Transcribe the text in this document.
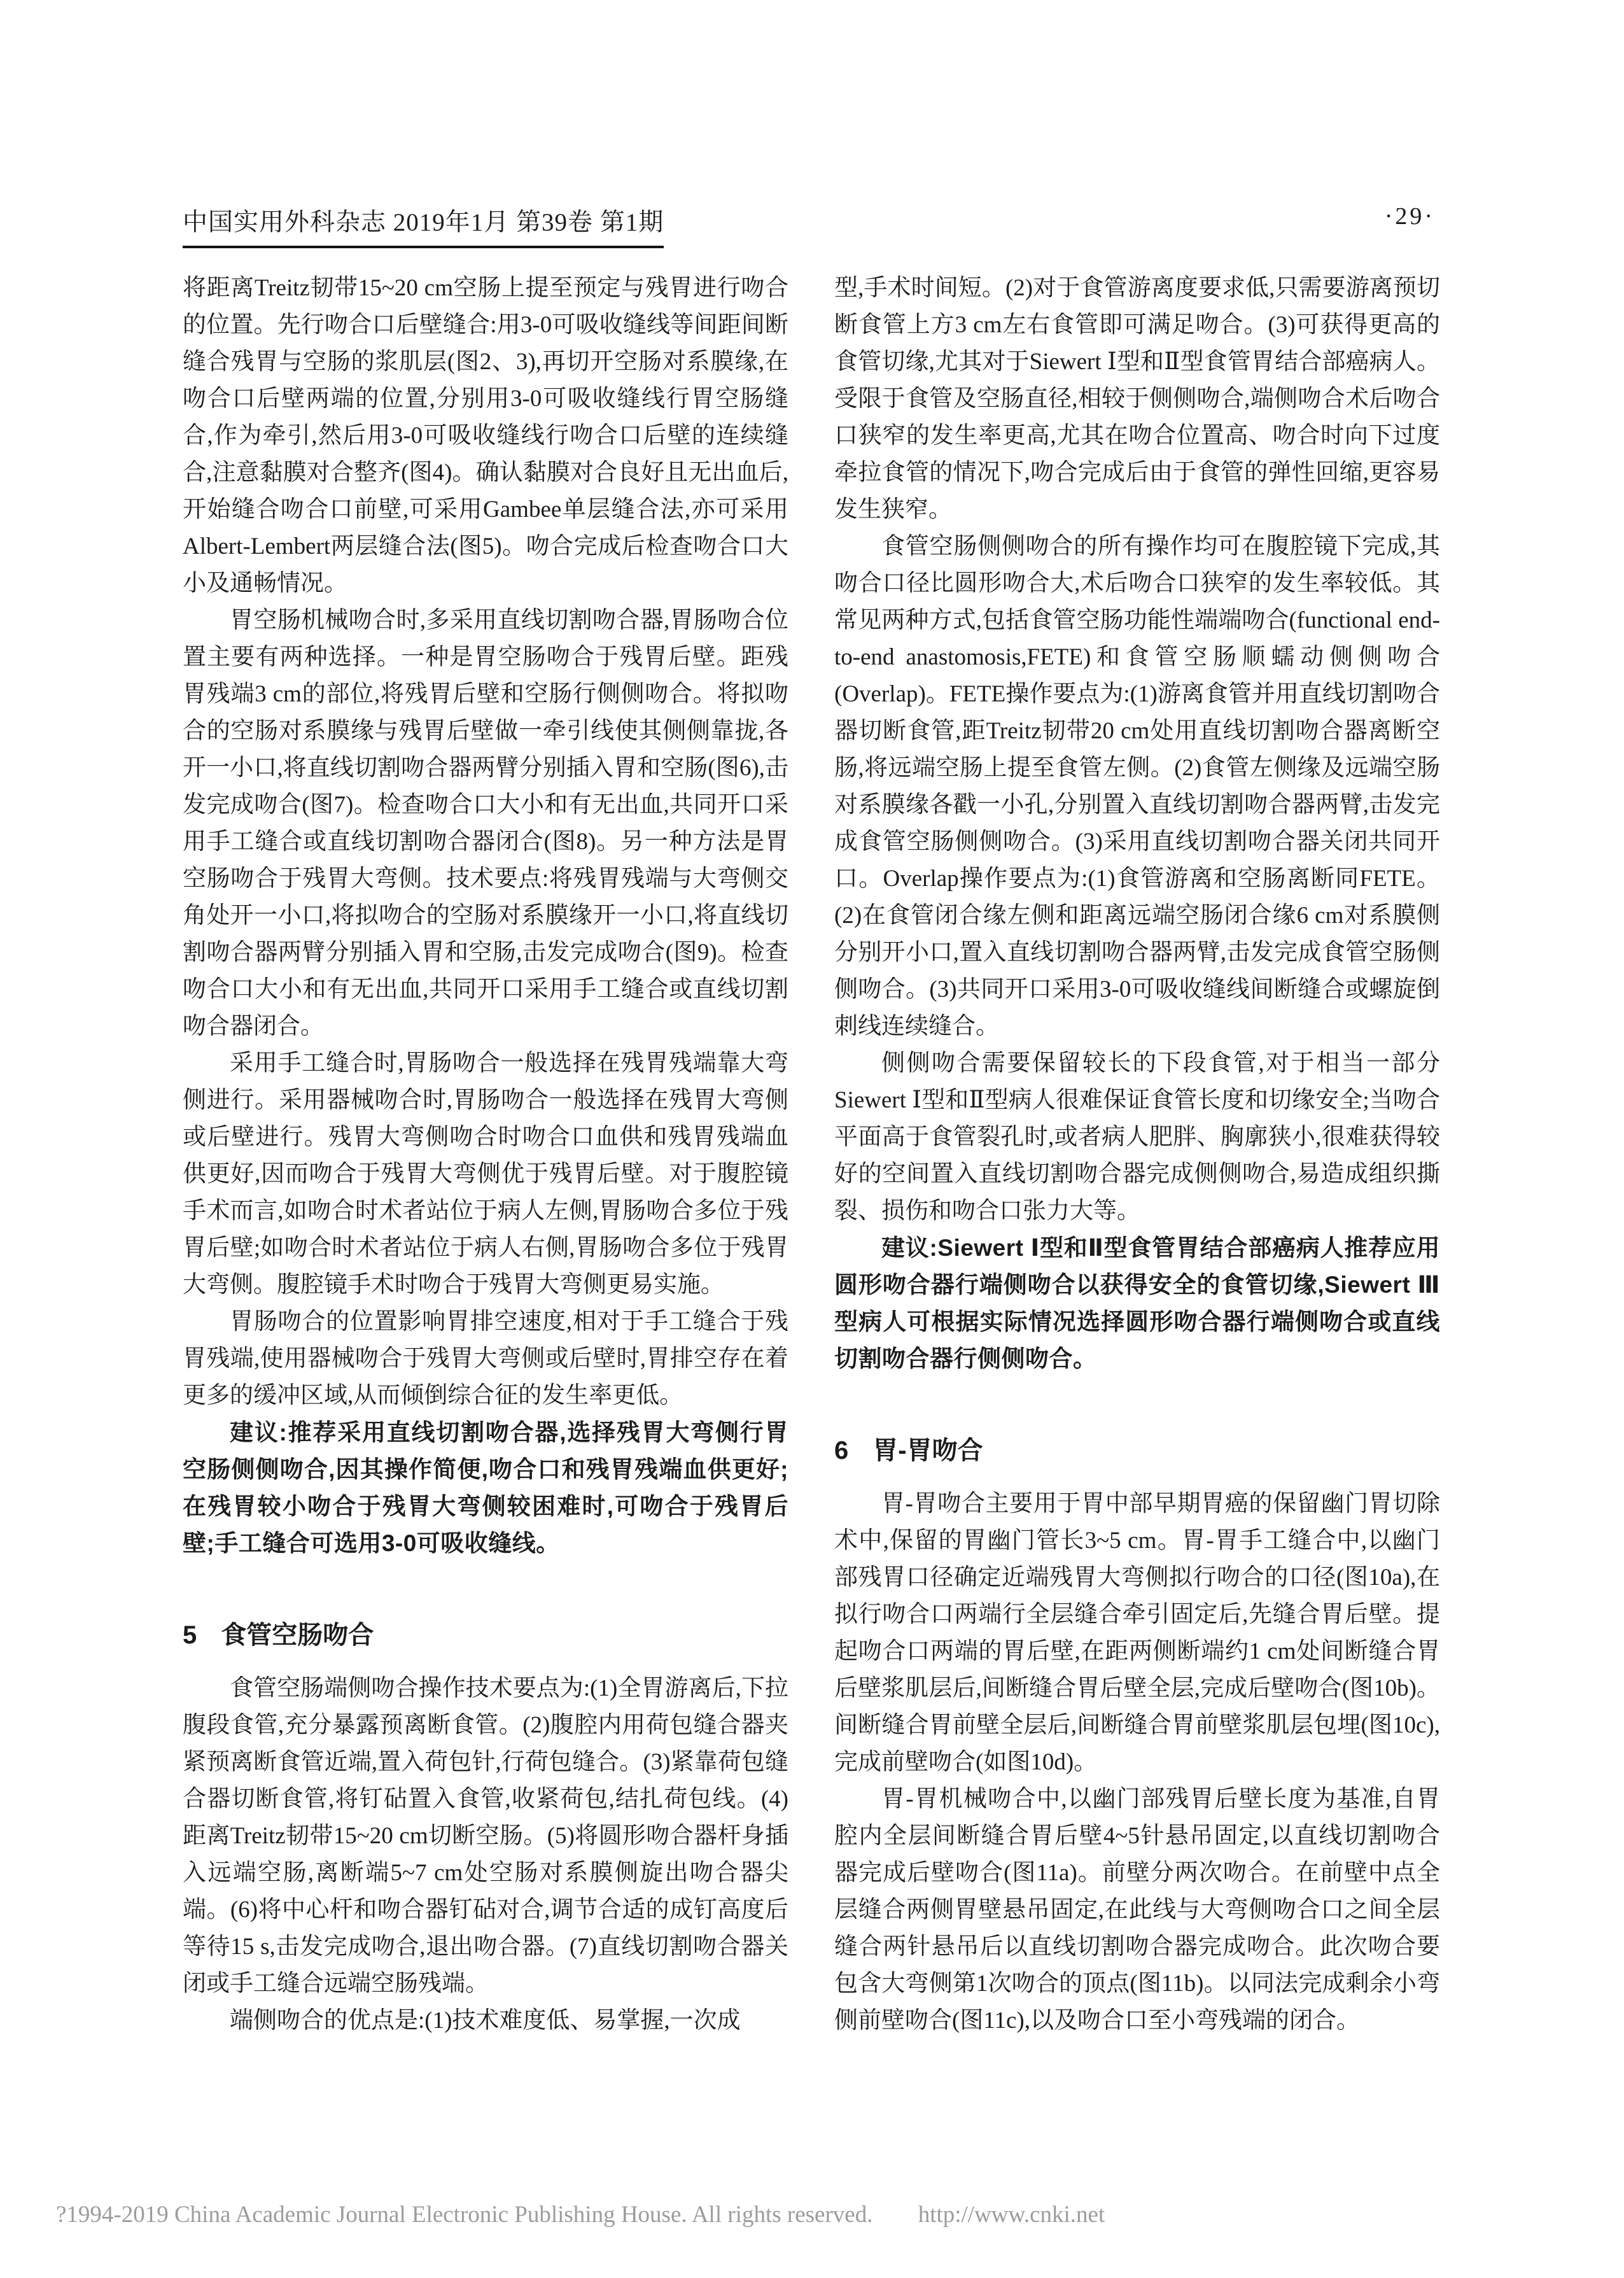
中国实用外科杂志 2019年1月 第39卷 第1期	·29·

将距离Treitz韧带15~20 cm空肠上提至预定与残胃进行吻合的位置。先行吻合口后壁缝合:用3-0可吸收缝线等间距间断缝合残胃与空肠的浆肌层(图2、3),再切开空肠对系膜缘,在吻合口后壁两端的位置,分别用3-0可吸收缝线行胃空肠缝合,作为牵引,然后用3-0可吸收缝线行吻合口后壁的连续缝合,注意黏膜对合整齐(图4)。确认黏膜对合良好且无出血后,开始缝合吻合口前壁,可采用Gambee单层缝合法,亦可采用Albert-Lembert两层缝合法(图5)。吻合完成后检查吻合口大小及通畅情况。

胃空肠机械吻合时,多采用直线切割吻合器,胃肠吻合位置主要有两种选择。一种是胃空肠吻合于残胃后壁。距残胃残端3 cm的部位,将残胃后壁和空肠行侧侧吻合。将拟吻合的空肠对系膜缘与残胃后壁做一牵引线使其侧侧靠拢,各开一小口,将直线切割吻合器两臂分别插入胃和空肠(图6),击发完成吻合(图7)。检查吻合口大小和有无出血,共同开口采用手工缝合或直线切割吻合器闭合(图8)。另一种方法是胃空肠吻合于残胃大弯侧。技术要点:将残胃残端与大弯侧交角处开一小口,将拟吻合的空肠对系膜缘开一小口,将直线切割吻合器两臂分别插入胃和空肠,击发完成吻合(图9)。检查吻合口大小和有无出血,共同开口采用手工缝合或直线切割吻合器闭合。

采用手工缝合时,胃肠吻合一般选择在残胃残端靠大弯侧进行。采用器械吻合时,胃肠吻合一般选择在残胃大弯侧或后壁进行。残胃大弯侧吻合时吻合口血供和残胃残端血供更好,因而吻合于残胃大弯侧优于残胃后壁。对于腹腔镜手术而言,如吻合时术者站位于病人左侧,胃肠吻合多位于残胃后壁;如吻合时术者站位于病人右侧,胃肠吻合多位于残胃大弯侧。腹腔镜手术时吻合于残胃大弯侧更易实施。

胃肠吻合的位置影响胃排空速度,相对于手工缝合于残胃残端,使用器械吻合于残胃大弯侧或后壁时,胃排空存在着更多的缓冲区域,从而倾倒综合征的发生率更低。

建议:推荐采用直线切割吻合器,选择残胃大弯侧行胃空肠侧侧吻合,因其操作简便,吻合口和残胃残端血供更好;在残胃较小吻合于残胃大弯侧较困难时,可吻合于残胃后壁;手工缝合可选用3-0可吸收缝线。

5 食管空肠吻合

食管空肠端侧吻合操作技术要点为:(1)全胃游离后,下拉腹段食管,充分暴露预离断食管。(2)腹腔内用荷包缝合器夹紧预离断食管近端,置入荷包针,行荷包缝合。(3)紧靠荷包缝合器切断食管,将钉砧置入食管,收紧荷包,结扎荷包线。(4)距离Treitz韧带15~20 cm切断空肠。(5)将圆形吻合器杆身插入远端空肠,离断端5~7 cm处空肠对系膜侧旋出吻合器尖端。(6)将中心杆和吻合器钉砧对合,调节合适的成钉高度后等待15 s,击发完成吻合,退出吻合器。(7)直线切割吻合器关闭或手工缝合远端空肠残端。

端侧吻合的优点是:(1)技术难度低、易掌握,一次成

型,手术时间短。(2)对于食管游离度要求低,只需要游离预切断食管上方3 cm左右食管即可满足吻合。(3)可获得更高的食管切缘,尤其对于Siewert Ⅰ型和Ⅱ型食管胃结合部癌病人。受限于食管及空肠直径,相较于侧侧吻合,端侧吻合术后吻合口狭窄的发生率更高,尤其在吻合位置高、吻合时向下过度牵拉食管的情况下,吻合完成后由于食管的弹性回缩,更容易发生狭窄。

食管空肠侧侧吻合的所有操作均可在腹腔镜下完成,其吻合口径比圆形吻合大,术后吻合口狭窄的发生率较低。其常见两种方式,包括食管空肠功能性端端吻合(functional end-to-end anastomosis,FETE)和食管空肠顺蠕动侧侧吻合(Overlap)。FETE操作要点为:(1)游离食管并用直线切割吻合器切断食管,距Treitz韧带20 cm处用直线切割吻合器离断空肠,将远端空肠上提至食管左侧。(2)食管左侧缘及远端空肠对系膜缘各戳一小孔,分别置入直线切割吻合器两臂,击发完成食管空肠侧侧吻合。(3)采用直线切割吻合器关闭共同开口。Overlap操作要点为:(1)食管游离和空肠离断同FETE。(2)在食管闭合缘左侧和距离远端空肠闭合缘6 cm对系膜侧分别开小口,置入直线切割吻合器两臂,击发完成食管空肠侧侧吻合。(3)共同开口采用3-0可吸收缝线间断缝合或螺旋倒刺线连续缝合。

侧侧吻合需要保留较长的下段食管,对于相当一部分Siewert Ⅰ型和Ⅱ型病人很难保证食管长度和切缘安全;当吻合平面高于食管裂孔时,或者病人肥胖、胸廓狭小,很难获得较好的空间置入直线切割吻合器完成侧侧吻合,易造成组织撕裂、损伤和吻合口张力大等。

建议:Siewert Ⅰ型和Ⅱ型食管胃结合部癌病人推荐应用圆形吻合器行端侧吻合以获得安全的食管切缘,Siewert Ⅲ型病人可根据实际情况选择圆形吻合器行端侧吻合或直线切割吻合器行侧侧吻合。

6 胃-胃吻合

胃-胃吻合主要用于胃中部早期胃癌的保留幽门胃切除术中,保留的胃幽门管长3~5 cm。胃-胃手工缝合中,以幽门部残胃口径确定近端残胃大弯侧拟行吻合的口径(图10a),在拟行吻合口两端行全层缝合牵引固定后,先缝合胃后壁。提起吻合口两端的胃后壁,在距两侧断端约1 cm处间断缝合胃后壁浆肌层后,间断缝合胃后壁全层,完成后壁吻合(图10b)。间断缝合胃前壁全层后,间断缝合胃前壁浆肌层包埋(图10c),完成前壁吻合(如图10d)。

胃-胃机械吻合中,以幽门部残胃后壁长度为基准,自胃腔内全层间断缝合胃后壁4~5针悬吊固定,以直线切割吻合器完成后壁吻合(图11a)。前壁分两次吻合。在前壁中点全层缝合两侧胃壁悬吊固定,在此线与大弯侧吻合口之间全层缝合两针悬吊后以直线切割吻合器完成吻合。此次吻合要包含大弯侧第1次吻合的顶点(图11b)。以同法完成剩余小弯侧前壁吻合(图11c),以及吻合口至小弯残端的闭合。

?1994-2019 China Academic Journal Electronic Publishing House. All rights reserved. http://www.cnki.net
